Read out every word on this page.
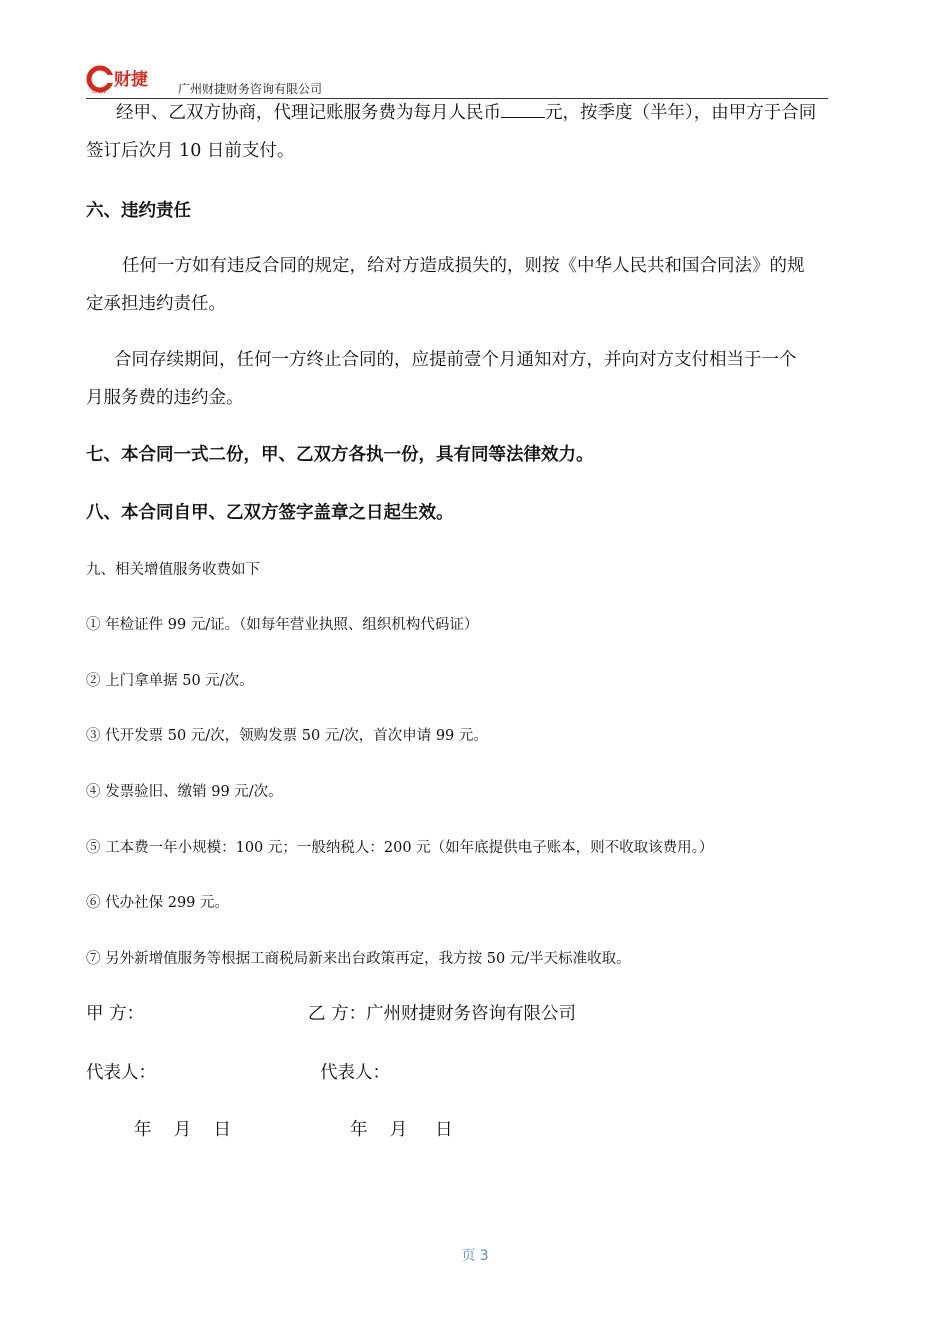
财捷
CAIJIE	广州财捷财务咨询有限公司
经甲、乙双方协商，代理记账服务费为每月人民币	元，按季度（半年），由甲方于合同
签订后次月 10 日前支付。
六、违约责任
任何一方如有违反合同的规定，给对方造成损失的，则按《中华人民共和国合同法》的规
定承担违约责任。
合同存续期间，任何一方终止合同的，应提前壹个月通知对方，并向对方支付相当于一个
月服务费的违约金。
七、本合同一式二份，甲、乙双方各执一份，具有同等法律效力。
八、本合同自甲、乙双方签字盖章之日起生效。
九、相关增值服务收费如下
① 年检证件 99 元/证。（如每年营业执照、组织机构代码证）
② 上门拿单据 50 元/次。
③ 代开发票 50 元/次，领购发票 50 元/次，首次申请 99 元。
④ 发票验旧、缴销 99 元/次。
⑤ 工本费一年小规模：100 元；一般纳税人：200 元（如年底提供电子账本，则不收取该费用。）
⑥ 代办社保 299 元。
⑦ 另外新增值服务等根据工商税局新来出台政策再定，我方按 50 元/半天标准收取。
甲 方：	乙 方：广州财捷财务咨询有限公司
代表人：	代表人：
年    月    日	年    月     日
页 3
